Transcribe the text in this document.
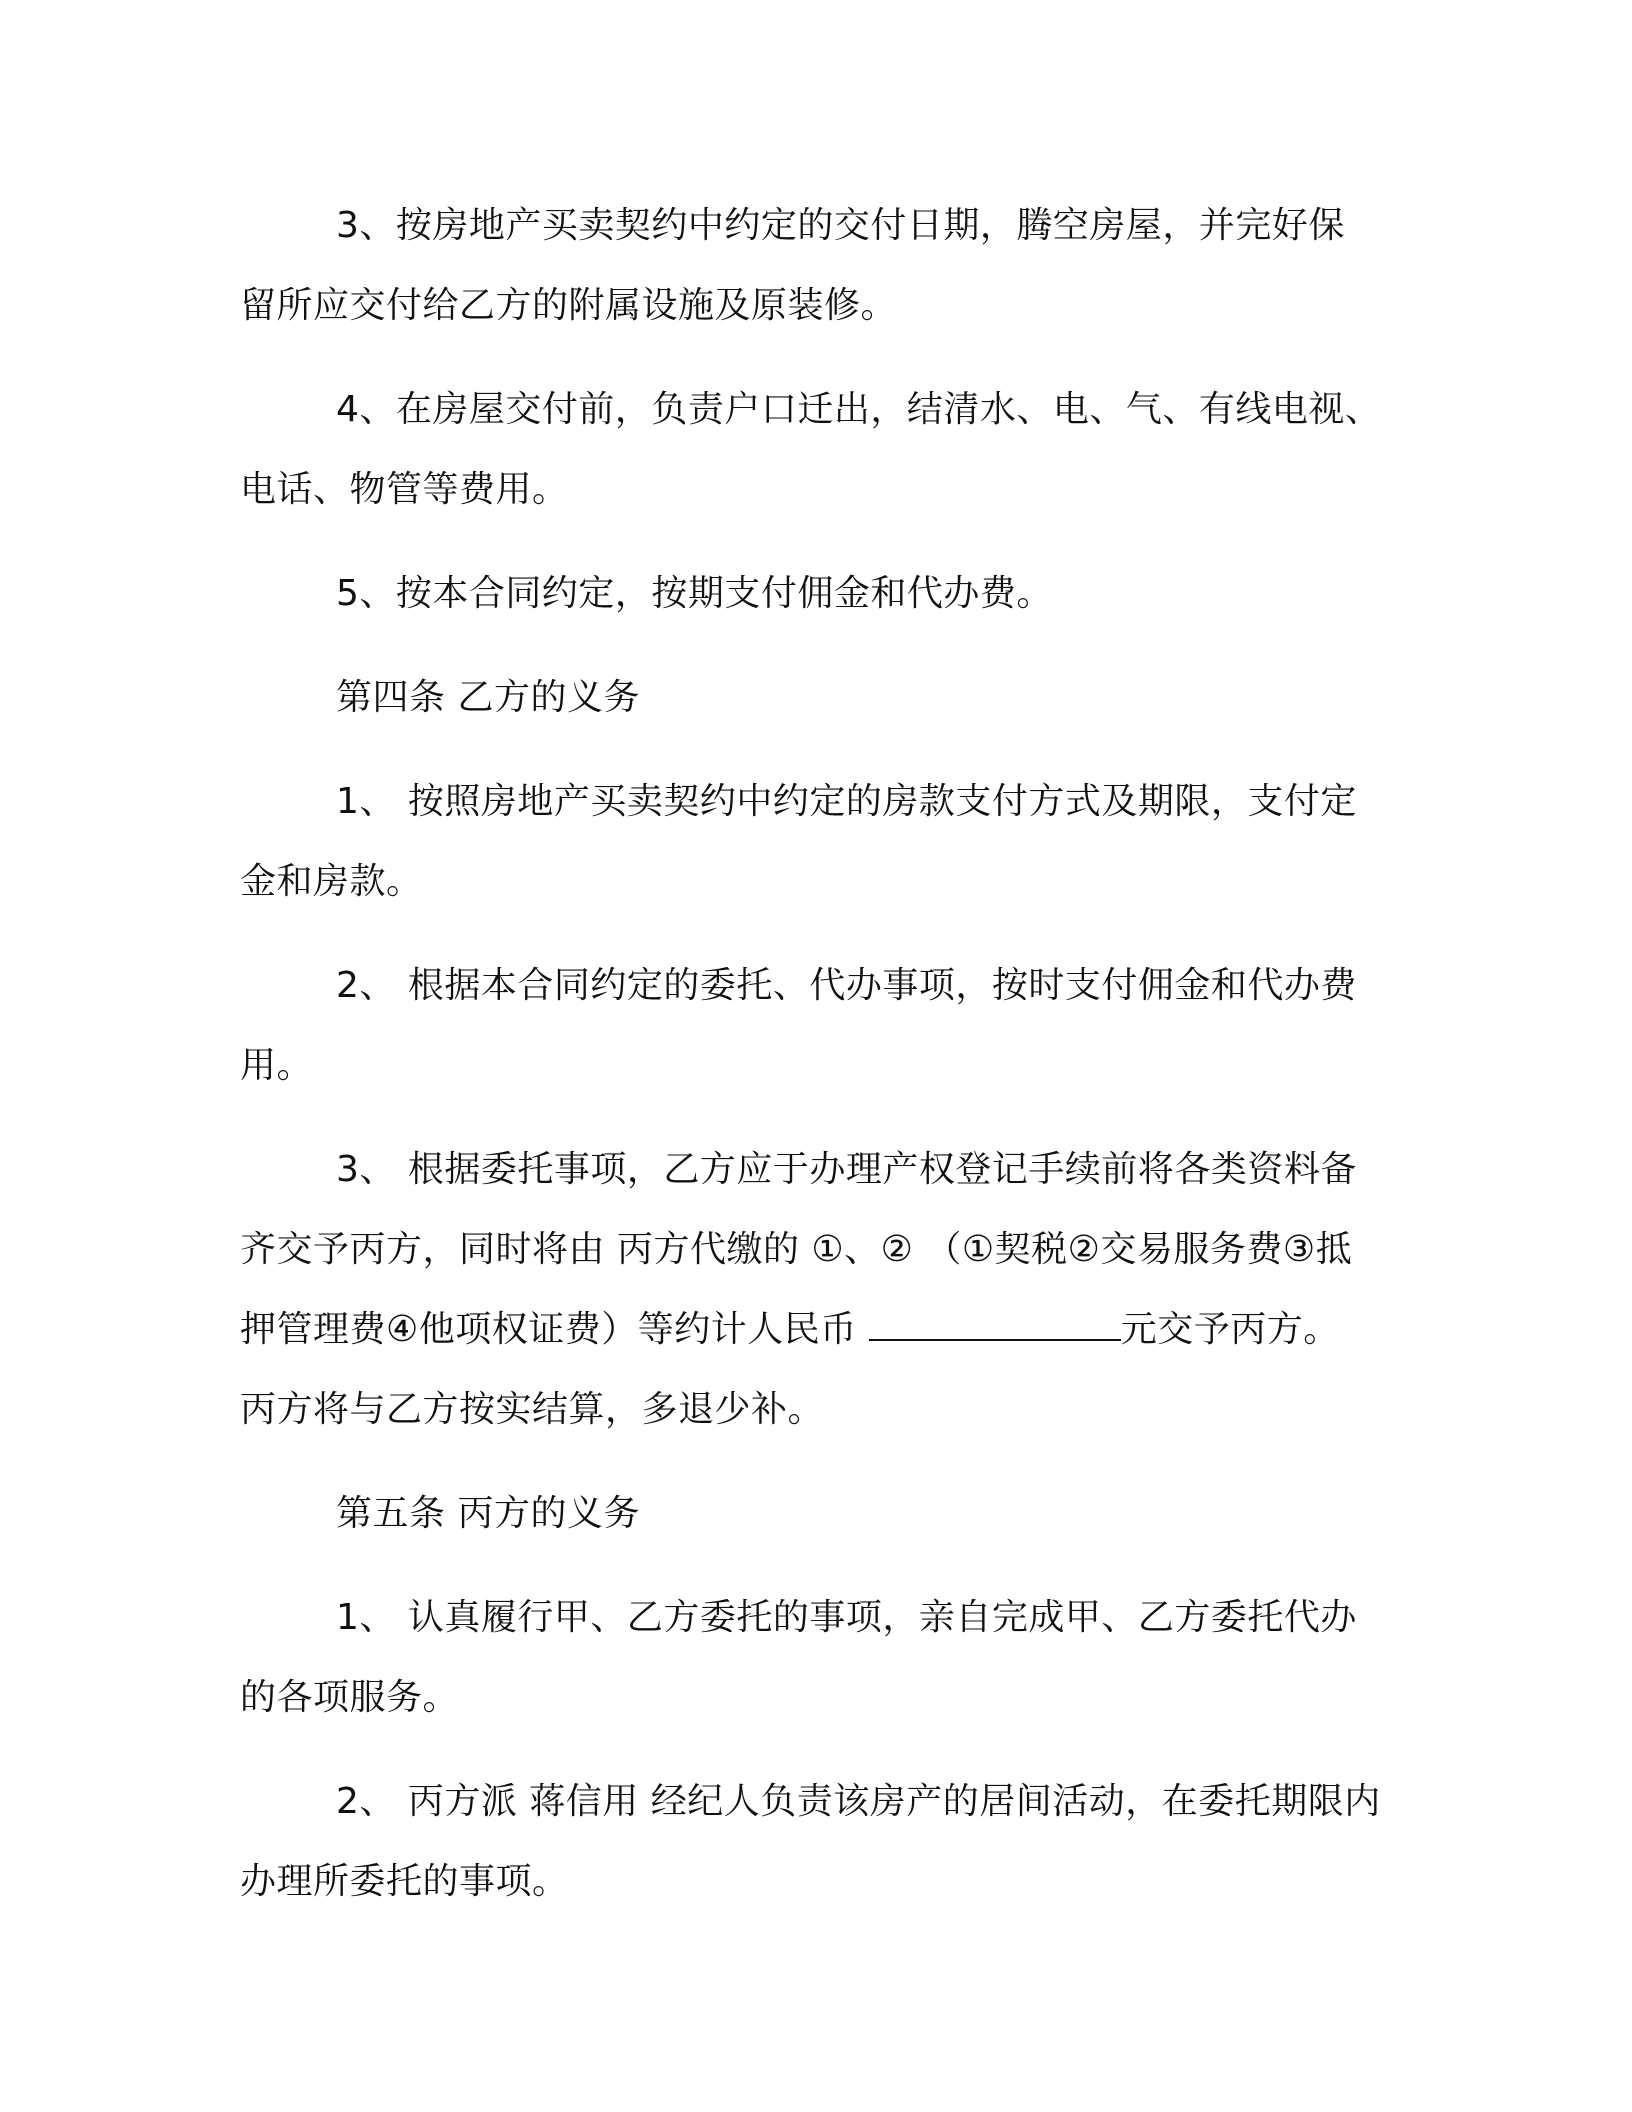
3、按房地产买卖契约中约定的交付日期，腾空房屋，并完好保
留所应交付给乙方的附属设施及原装修。

4、在房屋交付前，负责户口迁出，结清水、电、气、有线电视、
电话、物管等费用。

5、按本合同约定，按期支付佣金和代办费。

第四条 乙方的义务

1、 按照房地产买卖契约中约定的房款支付方式及期限，支付定
金和房款。

2、 根据本合同约定的委托、代办事项，按时支付佣金和代办费
用。

3、 根据委托事项，乙方应于办理产权登记手续前将各类资料备
齐交予丙方，同时将由 丙方代缴的 ①、② （①契税②交易服务费③抵
押管理费④他项权证费）等约计人民币	元交予丙方。
丙方将与乙方按实结算，多退少补。

第五条 丙方的义务

1、 认真履行甲、乙方委托的事项，亲自完成甲、乙方委托代办
的各项服务。

2、 丙方派 蒋信用 经纪人负责该房产的居间活动，在委托期限内
办理所委托的事项。
